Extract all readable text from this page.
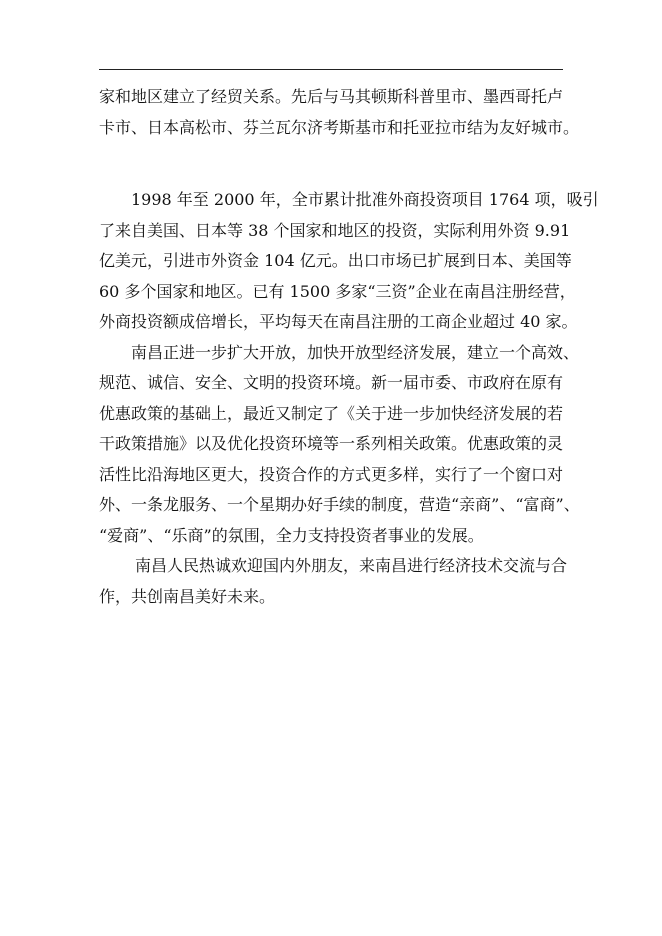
家和地区建立了经贸关系。先后与马其顿斯科普里市、墨西哥托卢
卡市、日本高松市、芬兰瓦尔济考斯基市和托亚拉市结为友好城市。
1998 年至 2000 年，全市累计批准外商投资项目 1764 项，吸引
了来自美国、日本等 38 个国家和地区的投资，实际利用外资 9.91
亿美元，引进市外资金 104 亿元。出口市场已扩展到日本、美国等
60 多个国家和地区。已有 1500 多家“三资”企业在南昌注册经营，
外商投资额成倍增长，平均每天在南昌注册的工商企业超过 40 家。
南昌正进一步扩大开放，加快开放型经济发展，建立一个高效、
规范、诚信、安全、文明的投资环境。新一届市委、市政府在原有
优惠政策的基础上，最近又制定了《关于进一步加快经济发展的若
干政策措施》以及优化投资环境等一系列相关政策。优惠政策的灵
活性比沿海地区更大，投资合作的方式更多样，实行了一个窗口对
外、一条龙服务、一个星期办好手续的制度，营造“亲商”、“富商”、
“爱商”、“乐商”的氛围，全力支持投资者事业的发展。
南昌人民热诚欢迎国内外朋友，来南昌进行经济技术交流与合
作，共创南昌美好未来。
